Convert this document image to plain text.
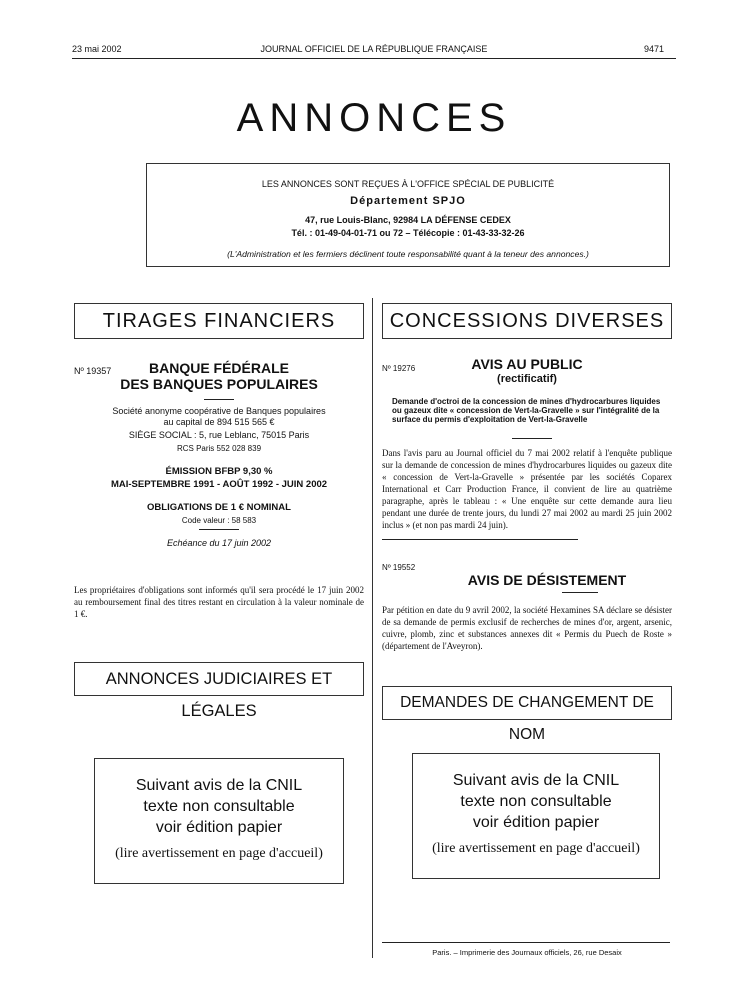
23 mai 2002	JOURNAL OFFICIEL DE LA RÉPUBLIQUE FRANÇAISE	9471
ANNONCES
LES ANNONCES SONT REÇUES À L'OFFICE SPÉCIAL DE PUBLICITÉ
Département SPJO
47, rue Louis-Blanc, 92984 LA DÉFENSE CEDEX
Tél. : 01-49-04-01-71 ou 72 – Télécopie : 01-43-33-32-26
(L'Administration et les fermiers déclinent toute responsabilité quant à la teneur des annonces.)
TIRAGES FINANCIERS
Nº 19357	BANQUE FÉDÉRALE
DES BANQUES POPULAIRES
Société anonyme coopérative de Banques populaires
au capital de 894 515 565 €
SIÈGE SOCIAL : 5, rue Leblanc, 75015 Paris
RCS Paris 552 028 839
ÉMISSION BFBP 9,30 %
MAI-SEPTEMBRE 1991 - AOÛT 1992 - JUIN 2002
OBLIGATIONS DE 1 € NOMINAL
Code valeur : 58 583
Echéance du 17 juin 2002
Les propriétaires d'obligations sont informés qu'il sera procédé le 17 juin 2002 au remboursement final des titres restant en circulation à la valeur nominale de 1 €.
ANNONCES JUDICIAIRES ET LÉGALES
Suivant avis de la CNIL
texte non consultable
voir édition papier
(lire avertissement en page d'accueil)
CONCESSIONS DIVERSES
Nº 19276	AVIS AU PUBLIC
(rectificatif)
Demande d'octroi de la concession de mines d'hydrocarbures liquides ou gazeux dite « concession de Vert-la-Gravelle » sur l'intégralité de la surface du permis d'exploitation de Vert-la-Gravelle
Dans l'avis paru au Journal officiel du 7 mai 2002 relatif à l'enquête publique sur la demande de concession de mines d'hydrocarbures liquides ou gazeux dite « concession de Vert-la-Gravelle » présentée par les sociétés Coparex International et Carr Production France, il convient de lire au quatrième paragraphe, après le tableau : « Une enquête sur cette demande aura lieu pendant une durée de trente jours, du lundi 27 mai 2002 au mardi 25 juin 2002 inclus » (et non pas mardi 24 juin).
Nº 19552
AVIS DE DÉSISTEMENT
Par pétition en date du 9 avril 2002, la société Hexamines SA déclare se désister de sa demande de permis exclusif de recherches de mines d'or, argent, arsenic, cuivre, plomb, zinc et substances annexes dit « Permis du Puech de Roste » (département de l'Aveyron).
DEMANDES DE CHANGEMENT DE NOM
Suivant avis de la CNIL
texte non consultable
voir édition papier
(lire avertissement en page d'accueil)
Paris. – Imprimerie des Journaux officiels, 26, rue Desaix
